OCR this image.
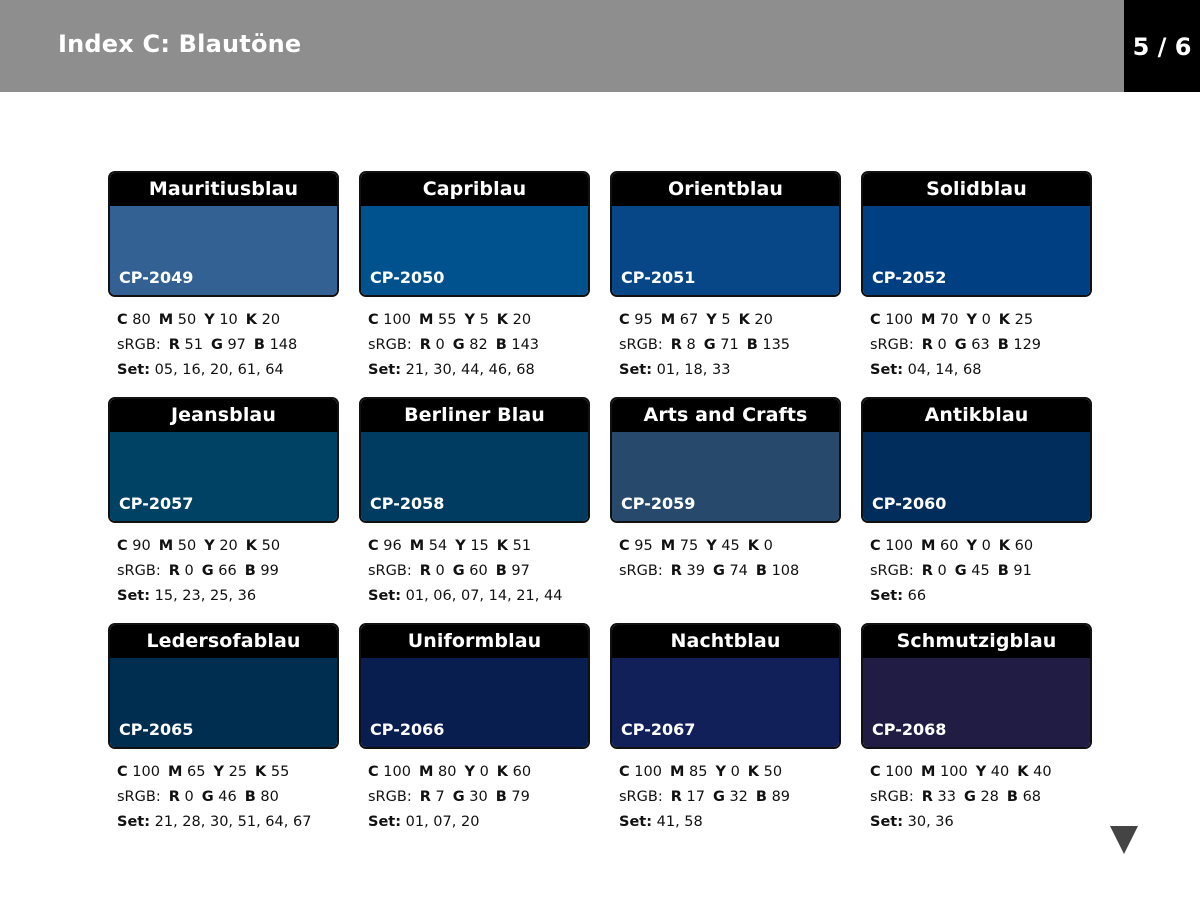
Index C: Blautöne	5 / 6
Mauritiusblau
CP-2049
C 80 M 50 Y 10 K 20
sRGB: R 51 G 97 B 148
Set: 05, 16, 20, 61, 64
Capriblau
CP-2050
C 100 M 55 Y 5 K 20
sRGB: R 0 G 82 B 143
Set: 21, 30, 44, 46, 68
Orientblau
CP-2051
C 95 M 67 Y 5 K 20
sRGB: R 8 G 71 B 135
Set: 01, 18, 33
Solidblau
CP-2052
C 100 M 70 Y 0 K 25
sRGB: R 0 G 63 B 129
Set: 04, 14, 68
Jeansblau
CP-2057
C 90 M 50 Y 20 K 50
sRGB: R 0 G 66 B 99
Set: 15, 23, 25, 36
Berliner Blau
CP-2058
C 96 M 54 Y 15 K 51
sRGB: R 0 G 60 B 97
Set: 01, 06, 07, 14, 21, 44
Arts and Crafts
CP-2059
C 95 M 75 Y 45 K 0
sRGB: R 39 G 74 B 108
Antikblau
CP-2060
C 100 M 60 Y 0 K 60
sRGB: R 0 G 45 B 91
Set: 66
Ledersofablau
CP-2065
C 100 M 65 Y 25 K 55
sRGB: R 0 G 46 B 80
Set: 21, 28, 30, 51, 64, 67
Uniformblau
CP-2066
C 100 M 80 Y 0 K 60
sRGB: R 7 G 30 B 79
Set: 01, 07, 20
Nachtblau
CP-2067
C 100 M 85 Y 0 K 50
sRGB: R 17 G 32 B 89
Set: 41, 58
Schmutzigblau
CP-2068
C 100 M 100 Y 40 K 40
sRGB: R 33 G 28 B 68
Set: 30, 36
